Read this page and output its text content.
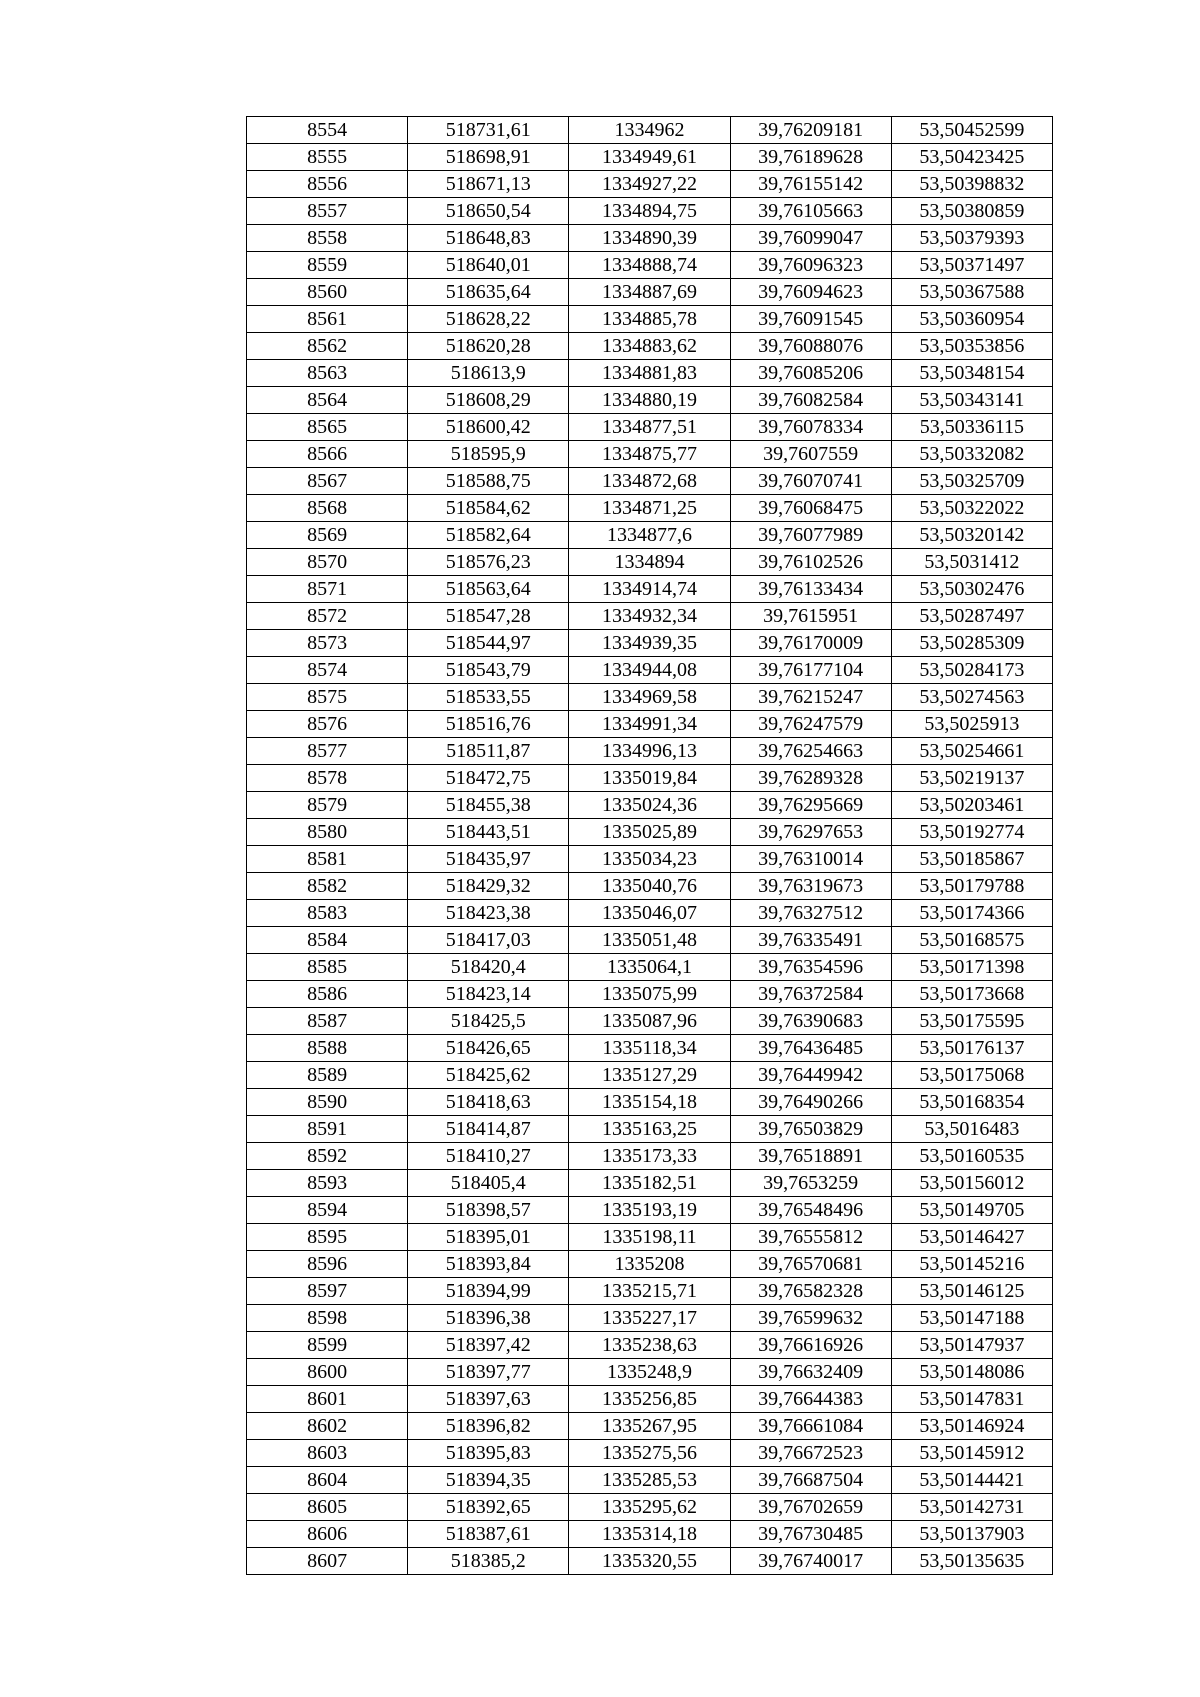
8554	518731,61	1334962	39,76209181	53,50452599
8555	518698,91	1334949,61	39,76189628	53,50423425
8556	518671,13	1334927,22	39,76155142	53,50398832
8557	518650,54	1334894,75	39,76105663	53,50380859
8558	518648,83	1334890,39	39,76099047	53,50379393
8559	518640,01	1334888,74	39,76096323	53,50371497
8560	518635,64	1334887,69	39,76094623	53,50367588
8561	518628,22	1334885,78	39,76091545	53,50360954
8562	518620,28	1334883,62	39,76088076	53,50353856
8563	518613,9	1334881,83	39,76085206	53,50348154
8564	518608,29	1334880,19	39,76082584	53,50343141
8565	518600,42	1334877,51	39,76078334	53,50336115
8566	518595,9	1334875,77	39,7607559	53,50332082
8567	518588,75	1334872,68	39,76070741	53,50325709
8568	518584,62	1334871,25	39,76068475	53,50322022
8569	518582,64	1334877,6	39,76077989	53,50320142
8570	518576,23	1334894	39,76102526	53,5031412
8571	518563,64	1334914,74	39,76133434	53,50302476
8572	518547,28	1334932,34	39,7615951	53,50287497
8573	518544,97	1334939,35	39,76170009	53,50285309
8574	518543,79	1334944,08	39,76177104	53,50284173
8575	518533,55	1334969,58	39,76215247	53,50274563
8576	518516,76	1334991,34	39,76247579	53,5025913
8577	518511,87	1334996,13	39,76254663	53,50254661
8578	518472,75	1335019,84	39,76289328	53,50219137
8579	518455,38	1335024,36	39,76295669	53,50203461
8580	518443,51	1335025,89	39,76297653	53,50192774
8581	518435,97	1335034,23	39,76310014	53,50185867
8582	518429,32	1335040,76	39,76319673	53,50179788
8583	518423,38	1335046,07	39,76327512	53,50174366
8584	518417,03	1335051,48	39,76335491	53,50168575
8585	518420,4	1335064,1	39,76354596	53,50171398
8586	518423,14	1335075,99	39,76372584	53,50173668
8587	518425,5	1335087,96	39,76390683	53,50175595
8588	518426,65	1335118,34	39,76436485	53,50176137
8589	518425,62	1335127,29	39,76449942	53,50175068
8590	518418,63	1335154,18	39,76490266	53,50168354
8591	518414,87	1335163,25	39,76503829	53,5016483
8592	518410,27	1335173,33	39,76518891	53,50160535
8593	518405,4	1335182,51	39,7653259	53,50156012
8594	518398,57	1335193,19	39,76548496	53,50149705
8595	518395,01	1335198,11	39,76555812	53,50146427
8596	518393,84	1335208	39,76570681	53,50145216
8597	518394,99	1335215,71	39,76582328	53,50146125
8598	518396,38	1335227,17	39,76599632	53,50147188
8599	518397,42	1335238,63	39,76616926	53,50147937
8600	518397,77	1335248,9	39,76632409	53,50148086
8601	518397,63	1335256,85	39,76644383	53,50147831
8602	518396,82	1335267,95	39,76661084	53,50146924
8603	518395,83	1335275,56	39,76672523	53,50145912
8604	518394,35	1335285,53	39,76687504	53,50144421
8605	518392,65	1335295,62	39,76702659	53,50142731
8606	518387,61	1335314,18	39,76730485	53,50137903
8607	518385,2	1335320,55	39,76740017	53,50135635
